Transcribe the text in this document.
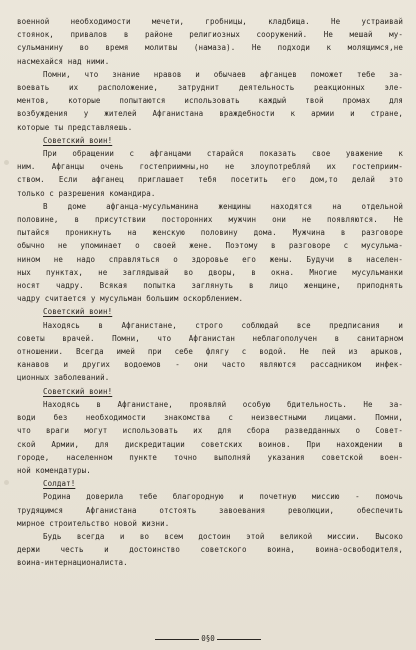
военной необходимости мечети, гробницы, кладбища. Не устраивай
стоянок, привалов в районе религиозных сооружений. Не мешай му-
сульманину во время молитвы (намаза). Не подходи к молящимся,не
насмехайся над ними.

Помни, что знание нравов и обычаев афганцев поможет тебе за-
воевать их расположение, затруднит деятельность реакционных эле-
ментов, которые попытаются использовать каждый твой промах для
возбуждения у жителей Афганистана враждебности к армии и стране,
которые ты представляешь.

Советский воин!

При обращении с афганцами старайся показать свое уважение к
ним. Афганцы очень гостеприимны,но не злоупотребляй их гостеприим-
ством. Если афганец приглашает тебя посетить его дом,то делай это
только с разрешения командира.

В доме афганца-мусульманина женщины находятся на отдельной
половине, в присутствии посторонних мужчин они не появляются. Не
пытайся проникнуть на женскую половину дома. Мужчина в разговоре
обычно не упоминает о своей жене. Поэтому в разговоре с мусульма-
нином не надо справляться о здоровье его жены. Будучи в населен-
ных пунктах, не заглядывай во дворы, в окна. Многие мусульманки
носят чадру. Всякая попытка заглянуть в лицо женщине, приподнять
чадру считается у мусульман большим оскорблением.

Советский воин!

Находясь в Афганистане, строго соблюдай все предписания и
советы врачей. Помни, что Афганистан неблагополучен в санитарном
отношении. Всегда имей при себе флягу с водой. Не пей из арыков,
канавов и других водоемов - они часто являются рассадником инфек-
ционных заболеваний.

Советский воин!

Находясь в Афганистане, проявляй особую бдительность. Не за-
води без необходимости знакомства с неизвестными лицами. Помни,
что враги могут использовать их для сбора разведданных о Совет-
ской Армии, для дискредитации советских воинов. При нахождении в
городе, населенном пункте точно выполняй указания советской воен-
ной комендатуры.

Солдат!

Родина доверила тебе благородную и почетную миссию - помочь
трудящимся Афганистана отстоять завоевания революции, обеспечить
мирное строительство новой жизни.

Будь всегда и во всем достоин этой великой миссии. Высоко
держи честь и достоинство советского воина, воина-освободителя,
воина-интернационалиста.

0§0
